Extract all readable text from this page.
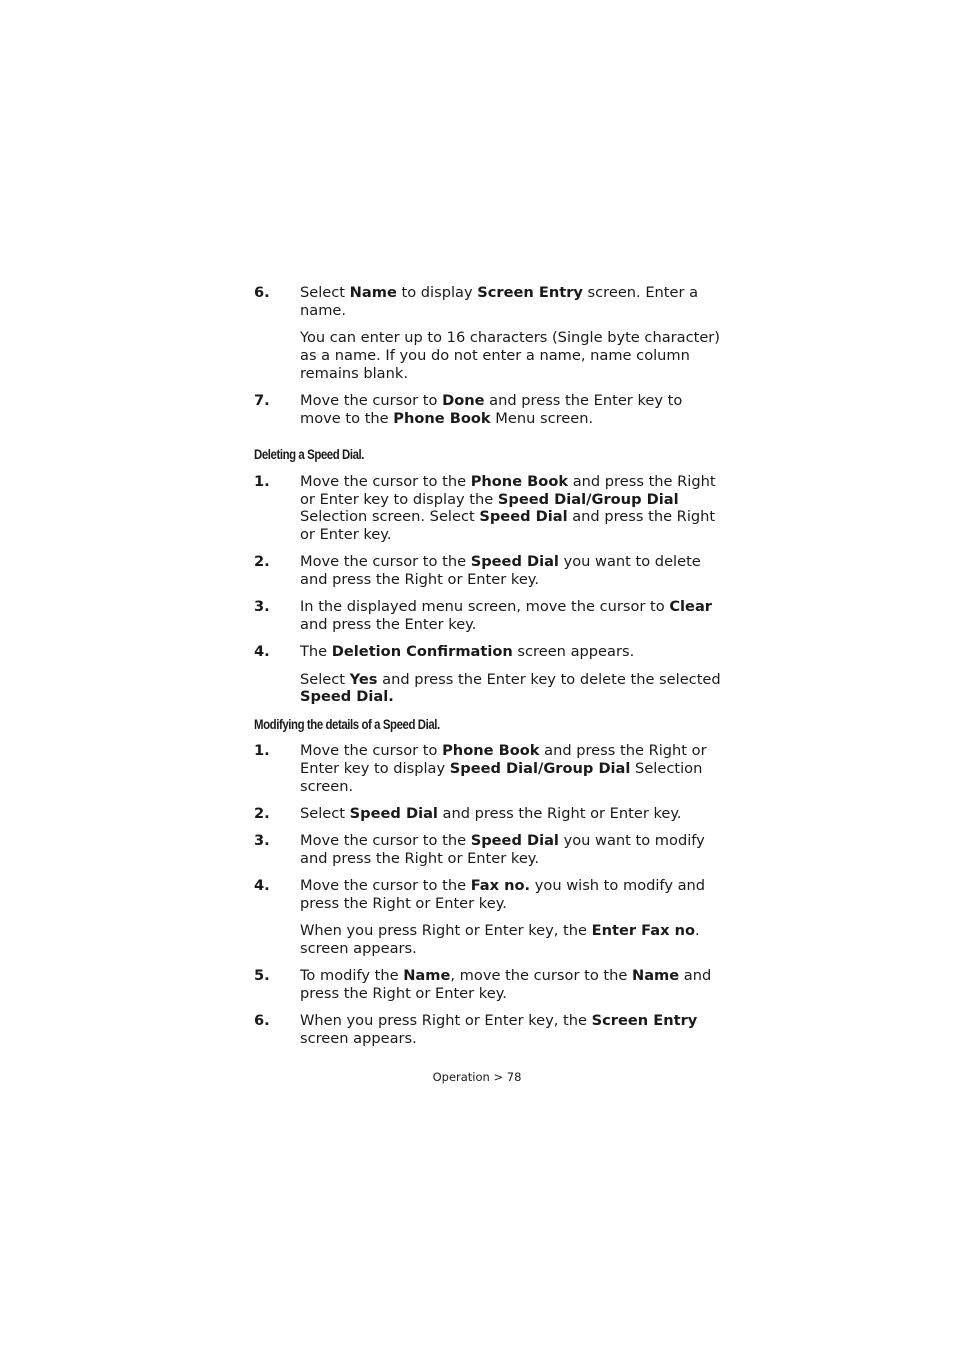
6. Select Name to display Screen Entry screen. Enter a name.

You can enter up to 16 characters (Single byte character) as a name. If you do not enter a name, name column remains blank.

7. Move the cursor to Done and press the Enter key to move to the Phone Book Menu screen.

Deleting a Speed Dial.
1. Move the cursor to the Phone Book and press the Right or Enter key to display the Speed Dial/Group Dial Selection screen. Select Speed Dial and press the Right or Enter key.

2. Move the cursor to the Speed Dial you want to delete and press the Right or Enter key.

3. In the displayed menu screen, move the cursor to Clear and press the Enter key.

4. The Deletion Confirmation screen appears.

Select Yes and press the Enter key to delete the selected Speed Dial.

Modifying the details of a Speed Dial.
1. Move the cursor to Phone Book and press the Right or Enter key to display Speed Dial/Group Dial Selection screen.

2. Select Speed Dial and press the Right or Enter key.

3. Move the cursor to the Speed Dial you want to modify and press the Right or Enter key.

4. Move the cursor to the Fax no. you wish to modify and press the Right or Enter key.

When you press Right or Enter key, the Enter Fax no. screen appears.

5. To modify the Name, move the cursor to the Name and press the Right or Enter key.

6. When you press Right or Enter key, the Screen Entry screen appears.

Operation > 78
